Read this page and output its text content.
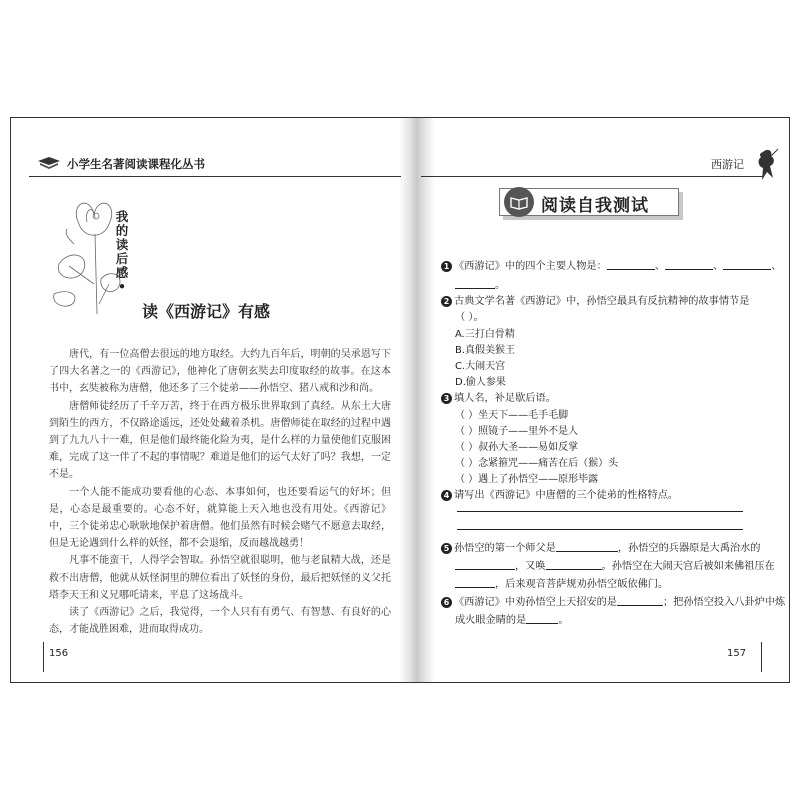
小学生名著阅读课程化丛书
我
的
读
后
感
•
读《西游记》有感

唐代，有一位高僧去很远的地方取经。大约九百年后，明朝的吴承恩写下了四大名著之一的《西游记》，他神化了唐朝玄奘去印度取经的故事。在这本书中，玄奘被称为唐僧，他还多了三个徒弟——孙悟空、猪八戒和沙和尚。

唐僧师徒经历了千辛万苦，终于在西方极乐世界取到了真经。从东土大唐到陌生的西方，不仅路途遥远，还处处藏着杀机。唐僧师徒在取经的过程中遇到了九九八十一难，但是他们最终能化险为夷，是什么样的力量使他们克服困难，完成了这一伴了不起的事情呢？难道是他们的运气太好了吗？我想，一定不是。

一个人能不能成功要看他的心态、本事如何，也还要看运气的好坏；但是，心态是最重要的。心态不好，就算能上天入地也没有用处。《西游记》中，三个徒弟忠心耿耿地保护着唐僧。他们虽然有时候会赌气不愿意去取经，但是无论遇到什么样的妖怪，都不会退缩，反而越战越勇！

凡事不能蛮干，人得学会智取。孙悟空就很聪明，他与老鼠精大战，还是救不出唐僧，他就从妖怪洞里的牌位看出了妖怪的身份，最后把妖怪的义父托塔李天王和义兄哪吒请来，平息了这场战斗。

读了《西游记》之后，我觉得，一个人只有有勇气、有智慧、有良好的心态，才能战胜困难，进而取得成功。

156
西游记
阅读自我测试
1 《西游记》中的四个主要人物是：	、	、	、
。
2 古典文学名著《西游记》中，孙悟空最具有反抗精神的故事情节是
（ ）。
A.三打白骨精
B.真假美猴王
C.大闹天宫
D.偷人参果
3 填人名，补足歇后语。
（ ）坐天下——毛手毛脚
（ ）照镜子——里外不是人
（ ）叔孙大圣——易如反掌
（ ）念紧箍咒——痛苦在后（猴）头
（ ）遇上了孙悟空——原形毕露
4 请写出《西游记》中唐僧的三个徒弟的性格特点。
5 孙悟空的第一个师父是	，孙悟空的兵器原是大禹治水的
，又唤	。孙悟空在大闹天宫后被如来佛祖压在
，后来观音菩萨规劝孙悟空皈依佛门。
6 《西游记》中劝孙悟空上天招安的是	；把孙悟空投入八卦炉中炼
成火眼金睛的是	。
157
